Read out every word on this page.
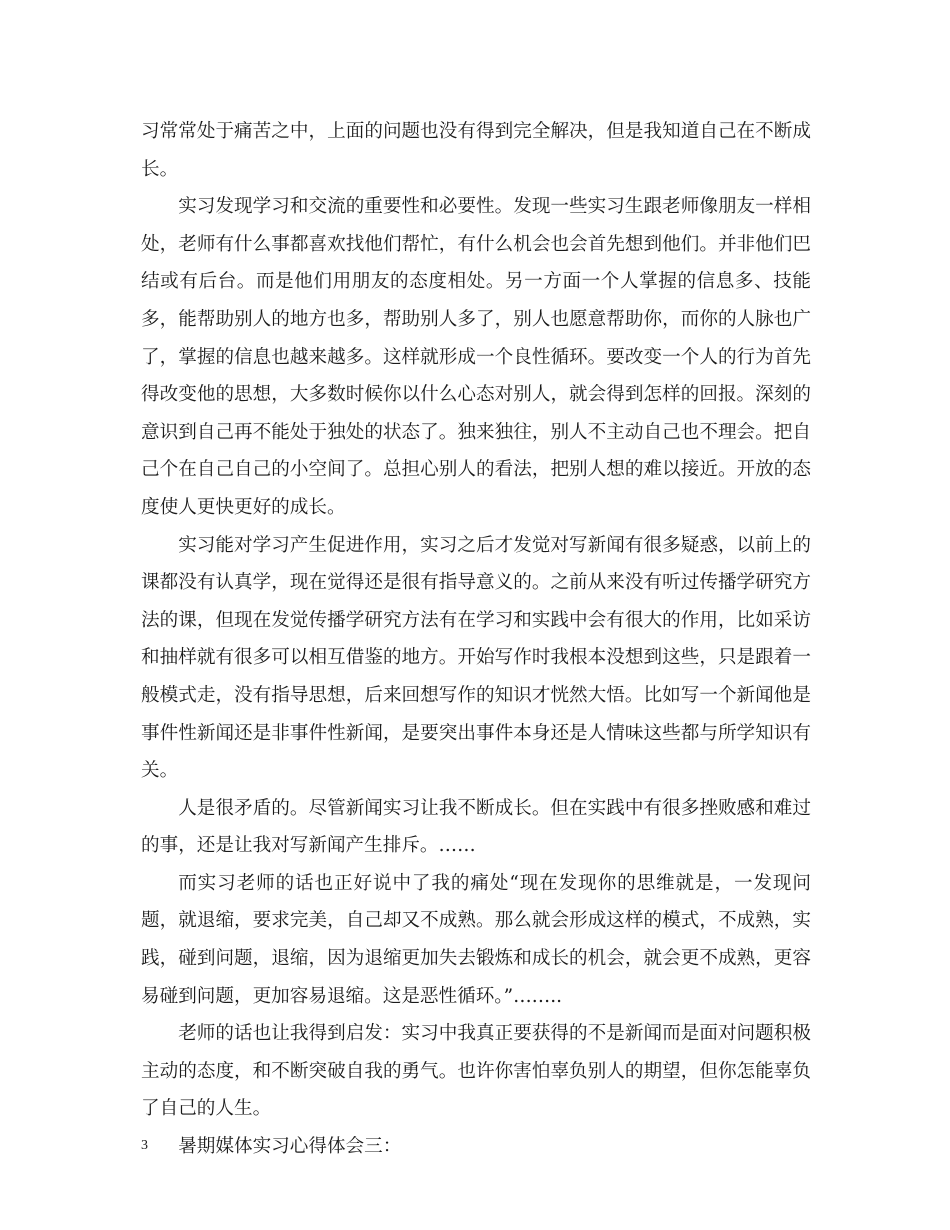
习常常处于痛苦之中，上面的问题也没有得到完全解决，但是我知道自己在不断成长。

实习发现学习和交流的重要性和必要性。发现一些实习生跟老师像朋友一样相处，老师有什么事都喜欢找他们帮忙，有什么机会也会首先想到他们。并非他们巴结或有后台。而是他们用朋友的态度相处。另一方面一个人掌握的信息多、技能多，能帮助别人的地方也多，帮助别人多了，别人也愿意帮助你，而你的人脉也广了，掌握的信息也越来越多。这样就形成一个良性循环。要改变一个人的行为首先得改变他的思想，大多数时候你以什么心态对别人，就会得到怎样的回报。深刻的意识到自己再不能处于独处的状态了。独来独往，别人不主动自己也不理会。把自己个在自己自己的小空间了。总担心别人的看法，把别人想的难以接近。开放的态度使人更快更好的成长。

实习能对学习产生促进作用，实习之后才发觉对写新闻有很多疑惑，以前上的课都没有认真学，现在觉得还是很有指导意义的。之前从来没有听过传播学研究方法的课，但现在发觉传播学研究方法有在学习和实践中会有很大的作用，比如采访和抽样就有很多可以相互借鉴的地方。开始写作时我根本没想到这些，只是跟着一般模式走，没有指导思想，后来回想写作的知识才恍然大悟。比如写一个新闻他是事件性新闻还是非事件性新闻，是要突出事件本身还是人情味这些都与所学知识有关。

人是很矛盾的。尽管新闻实习让我不断成长。但在实践中有很多挫败感和难过的事，还是让我对写新闻产生排斥。……

而实习老师的话也正好说中了我的痛处“现在发现你的思维就是，一发现问题，就退缩，要求完美，自己却又不成熟。那么就会形成这样的模式，不成熟，实践，碰到问题，退缩，因为退缩更加失去锻炼和成长的机会，就会更不成熟，更容易碰到问题，更加容易退缩。这是恶性循环。”……..

老师的话也让我得到启发：实习中我真正要获得的不是新闻而是面对问题积极主动的态度，和不断突破自我的勇气。也许你害怕辜负别人的期望，但你怎能辜负了自己的人生。

暑期媒体实习心得体会三：

3
